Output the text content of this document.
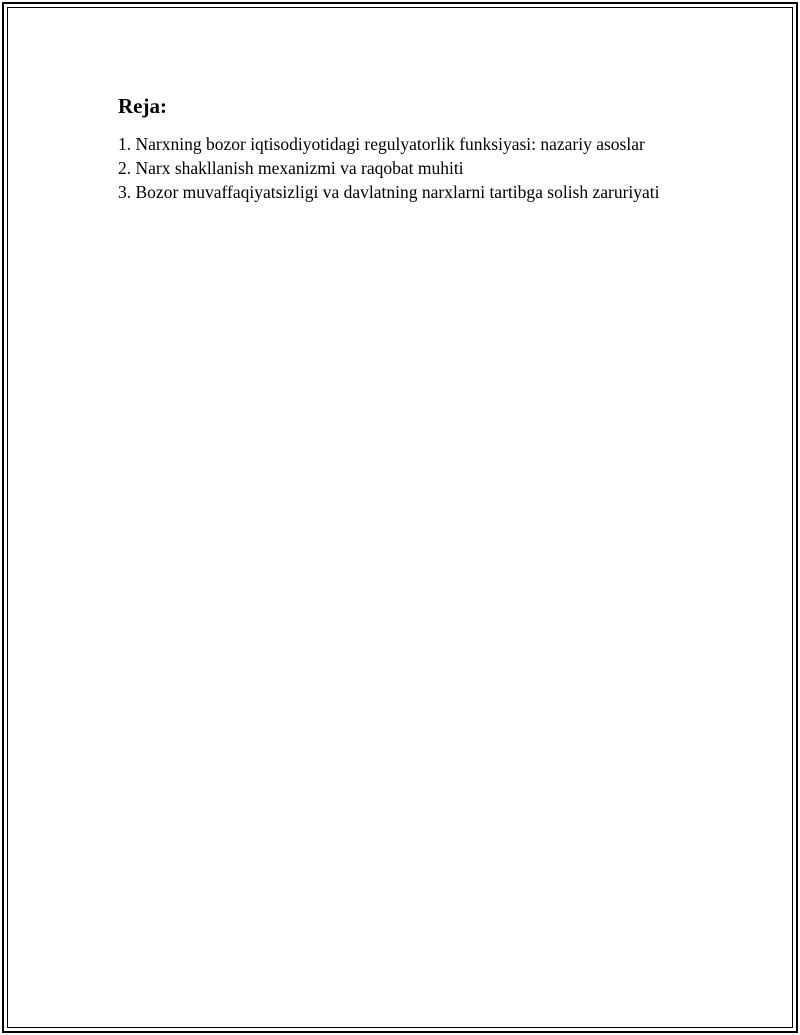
Reja:
1. Narxning bozor iqtisodiyotidagi regulyatorlik funksiyasi: nazariy asoslar
2. Narx shakllanish mexanizmi va raqobat muhiti
3. Bozor muvaffaqiyatsizligi va davlatning narxlarni tartibga solish zaruriyati
